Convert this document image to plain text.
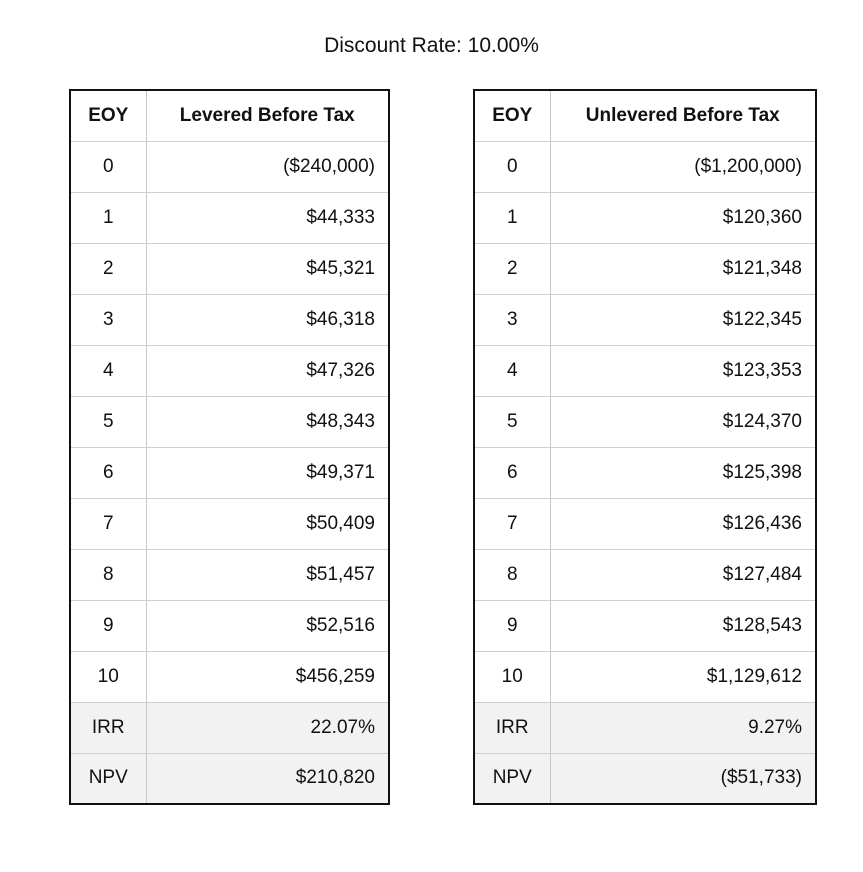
Discount Rate: 10.00%
EOY	Levered Before Tax
0	($240,000)
1	$44,333
2	$45,321
3	$46,318
4	$47,326
5	$48,343
6	$49,371
7	$50,409
8	$51,457
9	$52,516
10	$456,259
IRR	22.07%
NPV	$210,820
EOY	Unlevered Before Tax
0	($1,200,000)
1	$120,360
2	$121,348
3	$122,345
4	$123,353
5	$124,370
6	$125,398
7	$126,436
8	$127,484
9	$128,543
10	$1,129,612
IRR	9.27%
NPV	($51,733)
